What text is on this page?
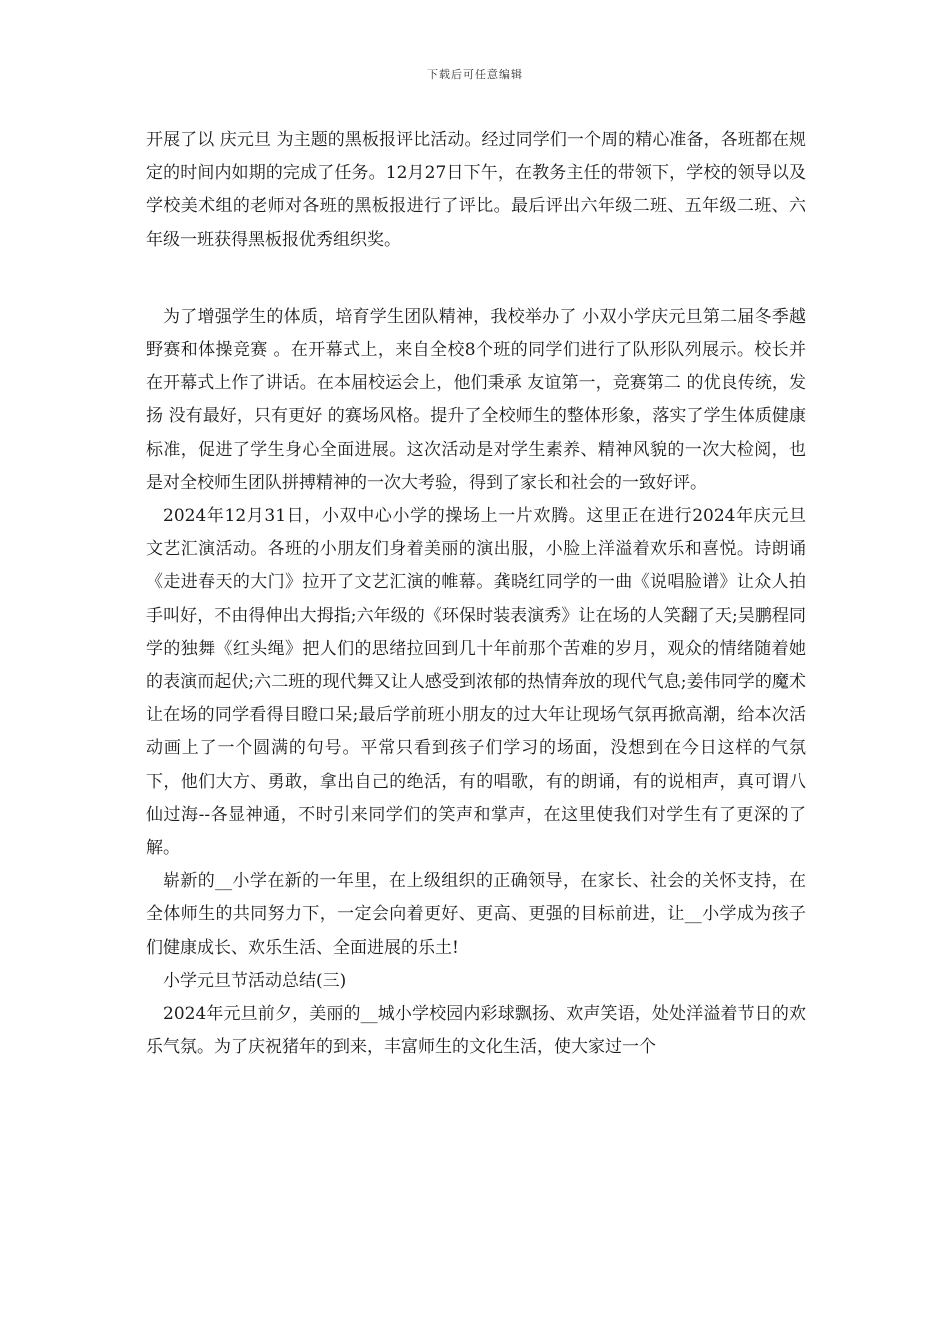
下载后可任意编辑

开展了以 庆元旦 为主题的黑板报评比活动。经过同学们一个周的精心准备，各班都在规定的时间内如期的完成了任务。12月27日下午，在教务主任的带领下，学校的领导以及学校美术组的老师对各班的黑板报进行了评比。最后评出六年级二班、五年级二班、六年级一班获得黑板报优秀组织奖。

为了增强学生的体质，培育学生团队精神，我校举办了 小双小学庆元旦第二届冬季越野赛和体操竞赛 。在开幕式上，来自全校8个班的同学们进行了队形队列展示。校长并在开幕式上作了讲话。在本届校运会上，他们秉承 友谊第一，竞赛第二 的优良传统，发扬 没有最好，只有更好 的赛场风格。提升了全校师生的整体形象，落实了学生体质健康标准，促进了学生身心全面进展。这次活动是对学生素养、精神风貌的一次大检阅，也是对全校师生团队拼搏精神的一次大考验，得到了家长和社会的一致好评。

2024年12月31日，小双中心小学的操场上一片欢腾。这里正在进行2024年庆元旦 文艺汇演活动。各班的小朋友们身着美丽的演出服，小脸上洋溢着欢乐和喜悦。诗朗诵《走进春天的大门》拉开了文艺汇演的帷幕。龚晓红同学的一曲《说唱脸谱》让众人拍手叫好，不由得伸出大拇指;六年级的《环保时装表演秀》让在场的人笑翻了天;吴鹏程同学的独舞《红头绳》把人们的思绪拉回到几十年前那个苦难的岁月，观众的情绪随着她的表演而起伏;六二班的现代舞又让人感受到浓郁的热情奔放的现代气息;姜伟同学的魔术让在场的同学看得目瞪口呆;最后学前班小朋友的过大年让现场气氛再掀高潮，给本次活动画上了一个圆满的句号。平常只看到孩子们学习的场面，没想到在今日这样的气氛下，他们大方、勇敢，拿出自己的绝活，有的唱歌，有的朗诵，有的说相声，真可谓八仙过海--各显神通，不时引来同学们的笑声和掌声，在这里使我们对学生有了更深的了解。

崭新的__小学在新的一年里，在上级组织的正确领导，在家长、社会的关怀支持，在全体师生的共同努力下，一定会向着更好、更高、更强的目标前进，让__小学成为孩子们健康成长、欢乐生活、全面进展的乐土!

小学元旦节活动总结(三)

2024年元旦前夕，美丽的__城小学校园内彩球飘扬、欢声笑语，处处洋溢着节日的欢乐气氛。为了庆祝猪年的到来，丰富师生的文化生活，使大家过一个
